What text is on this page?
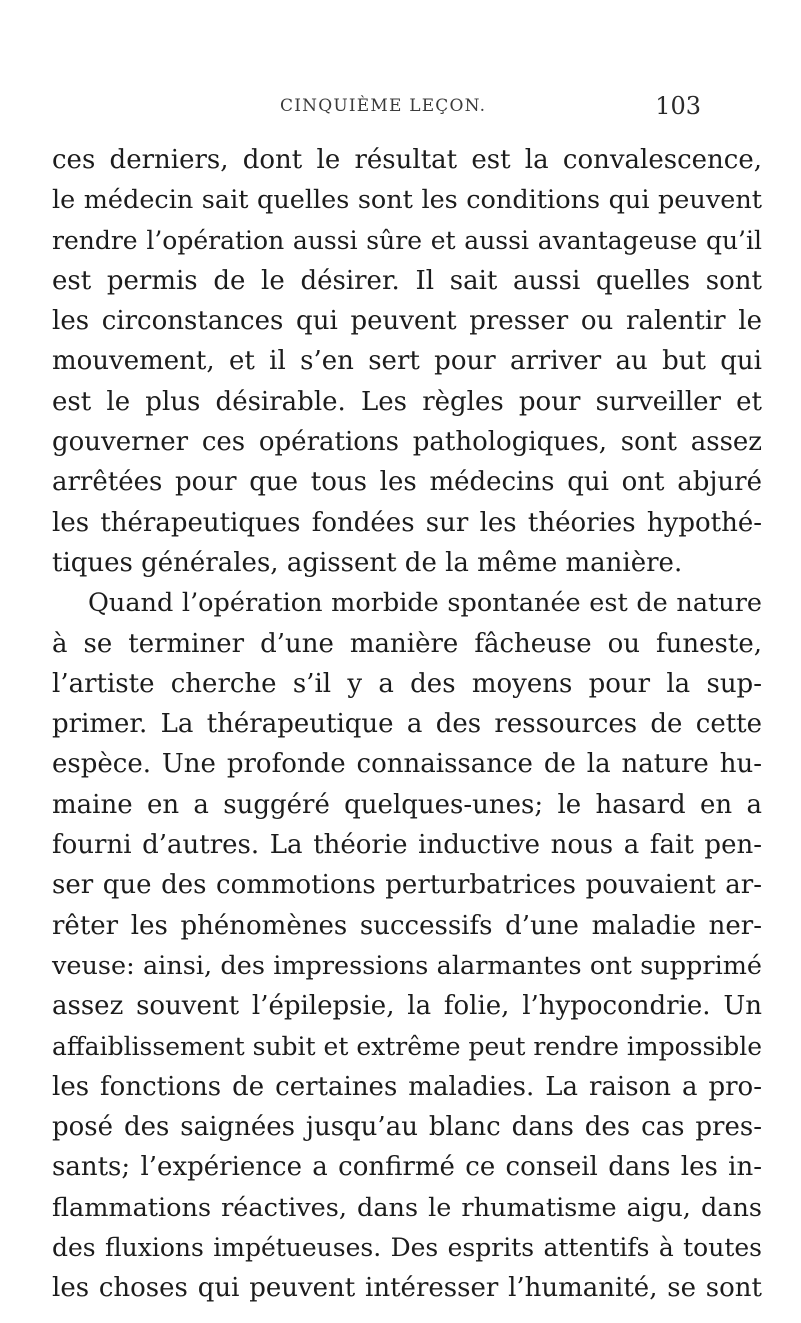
CINQUIÈME LEÇON.	103
ces derniers, dont le résultat est la convalescence,
le médecin sait quelles sont les conditions qui peuvent
rendre l’opération aussi sûre et aussi avantageuse qu’il
est permis de le désirer. Il sait aussi quelles sont
les circonstances qui peuvent presser ou ralentir le
mouvement, et il s’en sert pour arriver au but qui
est le plus désirable. Les règles pour surveiller et
gouverner ces opérations pathologiques, sont assez
arrêtées pour que tous les médecins qui ont abjuré
les thérapeutiques fondées sur les théories hypothé-
tiques générales, agissent de la même manière.
Quand l’opération morbide spontanée est de nature
à se terminer d’une manière fâcheuse ou funeste,
l’artiste cherche s’il y a des moyens pour la sup-
primer. La thérapeutique a des ressources de cette
espèce. Une profonde connaissance de la nature hu-
maine en a suggéré quelques-unes; le hasard en a
fourni d’autres. La théorie inductive nous a fait pen-
ser que des commotions perturbatrices pouvaient ar-
rêter les phénomènes successifs d’une maladie ner-
veuse: ainsi, des impressions alarmantes ont supprimé
assez souvent l’épilepsie, la folie, l’hypocondrie. Un
affaiblissement subit et extrême peut rendre impossible
les fonctions de certaines maladies. La raison a pro-
posé des saignées jusqu’au blanc dans des cas pres-
sants; l’expérience a confirmé ce conseil dans les in-
flammations réactives, dans le rhumatisme aigu, dans
des fluxions impétueuses. Des esprits attentifs à toutes
les choses qui peuvent intéresser l’humanité, se sont
